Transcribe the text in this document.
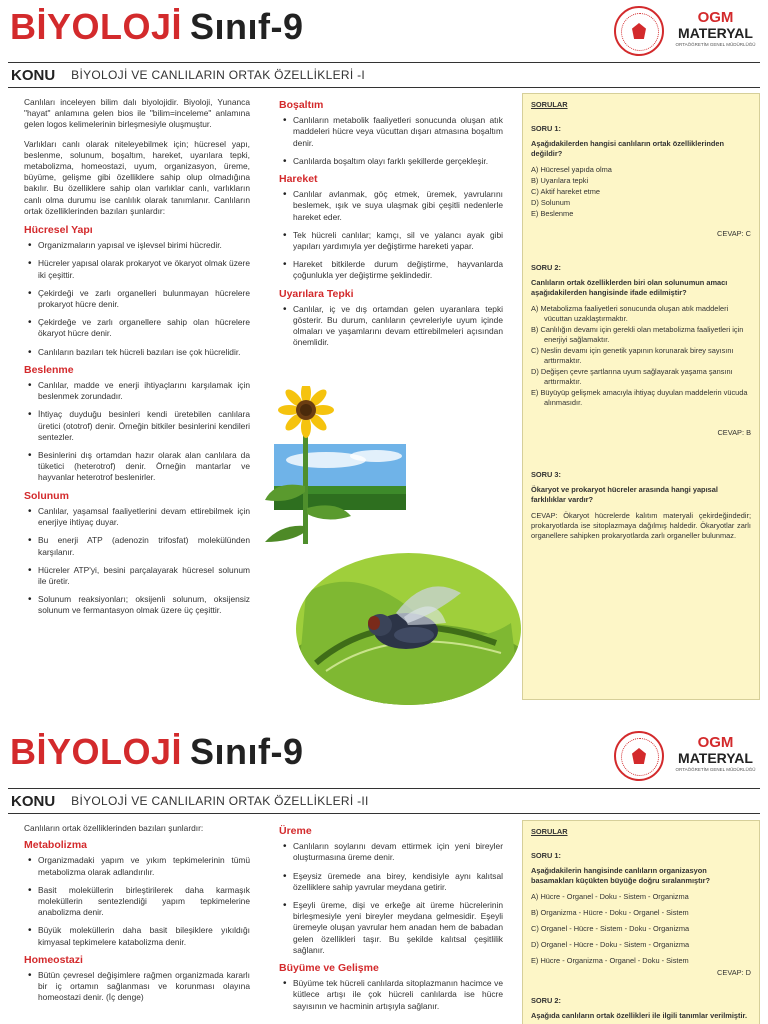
BİYOLOJİ Sınıf-9	OGM
MATERYAL
ORTAÖĞRETİM GENEL MÜDÜRLÜĞÜ
KONU BİYOLOJİ VE CANLILARIN ORTAK ÖZELLİKLERİ -I

Canlıları inceleyen bilim dalı biyolojidir. Biyoloji, Yunanca "hayat" anlamına gelen bios ile "bilim=inceleme" anlamına gelen logos kelimelerinin birleşmesiyle oluşmuştur.

Varlıkları canlı olarak niteleyebilmek için; hücresel yapı, beslenme, solunum, boşaltım, hareket, uyarılara tepki, metabolizma, homeostazi, uyum, organizasyon, üreme, büyüme, gelişme gibi özelliklere sahip olup olmadığına bakılır. Bu özelliklere sahip olan varlıklar canlı, varlıkların canlı olma durumu ise canlılık olarak tanımlanır. Canlıların ortak özelliklerinden bazıları şunlardır:

Hücresel Yapı
• Organizmaların yapısal ve işlevsel birimi hücredir.
• Hücreler yapısal olarak prokaryot ve ökaryot olmak üzere iki çeşittir.
• Çekirdeği ve zarlı organelleri bulunmayan hücrelere prokaryot hücre denir.
• Çekirdeğe ve zarlı organellere sahip olan hücrelere ökaryot hücre denir.
• Canlıların bazıları tek hücreli bazıları ise çok hücrelidir.
Beslenme
• Canlılar, madde ve enerji ihtiyaçlarını karşılamak için beslenmek zorundadır.
• İhtiyaç duyduğu besinleri kendi üretebilen canlılara üretici (ototrof) denir. Örneğin bitkiler besinlerini kendileri sentezler.
• Besinlerini dış ortamdan hazır olarak alan canlılara da tüketici (heterotrof) denir. Örneğin mantarlar ve hayvanlar heterotrof beslenirler.
Solunum
• Canlılar, yaşamsal faaliyetlerini devam ettirebilmek için enerjiye ihtiyaç duyar.
• Bu enerji ATP (adenozin trifosfat) molekülünden karşılanır.
• Hücreler ATP'yi, besini parçalayarak hücresel solunum ile üretir.
• Solunum reaksiyonları; oksijenli solunum, oksijensiz solunum ve fermantasyon olmak üzere üç çeşittir.
Boşaltım
• Canlıların metabolik faaliyetleri sonucunda oluşan atık maddeleri hücre veya vücuttan dışarı atmasına boşaltım denir.
• Canlılarda boşaltım olayı farklı şekillerde gerçekleşir.
Hareket
• Canlılar avlanmak, göç etmek, üremek, yavrularını beslemek, ışık ve suya ulaşmak gibi çeşitli nedenlerle hareket eder.
• Tek hücreli canlılar; kamçı, sil ve yalancı ayak gibi yapıları yardımıyla yer değiştirme hareketi yapar.
• Hareket bitkilerde durum değiştirme, hayvanlarda çoğunlukla yer değiştirme şeklindedir.
Uyarılara Tepki
• Canlılar, iç ve dış ortamdan gelen uyaranlara tepki gösterir. Bu durum, canlıların çevreleriyle uyum içinde olmaları ve yaşamlarını devam ettirebilmeleri açısından önemlidir.
SORULAR
SORU 1:
Aşağıdakilerden hangisi canlıların ortak özelliklerinden değildir?
A) Hücresel yapıda olma
B) Uyarılara tepki
C) Aktif hareket etme
D) Solunum
E) Beslenme
CEVAP: C
SORU 2:
Canlıların ortak özelliklerden biri olan solunumun amacı aşağıdakilerden hangisinde ifade edilmiştir?
A) Metabolizma faaliyetleri sonucunda oluşan atık maddeleri vücuttan uzaklaştırmaktır.
B) Canlılığın devamı için gerekli olan metabolizma faaliyetleri için enerjiyi sağlamaktır.
C) Neslin devamı için genetik yapının korunarak birey sayısını arttırmaktır.
D) Değişen çevre şartlarına uyum sağlayarak yaşama şansını arttırmaktır.
E) Büyüyüp gelişmek amacıyla ihtiyaç duyulan maddelerin vücuda alınmasıdır.
CEVAP: B
SORU 3:
Ökaryot ve prokaryot hücreler arasında hangi yapısal farklılıklar vardır?
CEVAP: Ökaryot hücrelerde kalıtım materyali çekirdeğindedir; prokaryotlarda ise sitoplazmaya dağılmış haldedir. Ökaryotlar zarlı organellere sahipken prokaryotlarda zarlı organeller bulunmaz.
BİYOLOJİ Sınıf-9	OGM
MATERYAL
ORTAÖĞRETİM GENEL MÜDÜRLÜĞÜ
KONU BİYOLOJİ VE CANLILARIN ORTAK ÖZELLİKLERİ -II

Canlıların ortak özelliklerinden bazıları şunlardır:

Metabolizma
• Organizmadaki yapım ve yıkım tepkimelerinin tümü metabolizma olarak adlandırılır.
• Basit moleküllerin birleştirilerek daha karmaşık moleküllerin sentezlendiği yapım tepkimelerine anabolizma denir.
• Büyük moleküllerin daha basit bileşiklere yıkıldığı kimyasal tepkimelere katabolizma denir.
Homeostazi
• Bütün çevresel değişimlere rağmen organizmada kararlı bir iç ortamın sağlanması ve korunması olayına homeostazi denir. (İç denge)
Üreme
• Canlıların soylarını devam ettirmek için yeni bireyler oluşturmasına üreme denir.
• Eşeysiz üremede ana birey, kendisiyle aynı kalıtsal özelliklere sahip yavrular meydana getirir.
• Eşeyli üreme, dişi ve erkeğe ait üreme hücrelerinin birleşmesiyle yeni bireyler meydana gelmesidir. Eşeyli üremeyle oluşan yavrular hem anadan hem de babadan gelen özellikleri taşır. Bu şekilde kalıtsal çeşitlilik sağlanır.
Büyüme ve Gelişme
• Büyüme tek hücreli canlılarda sitoplazmanın hacimce ve kütlece artışı ile çok hücreli canlılarda ise hücre sayısının ve hacminin artışıyla sağlanır.
SORULAR
SORU 1:
Aşağıdakilerin hangisinde canlıların organizasyon basamakları küçükten büyüğe doğru sıralanmıştır?
A) Hücre - Organel - Doku - Sistem - Organizma
B) Organizma - Hücre - Doku - Organel - Sistem
C) Organel - Hücre - Sistem - Doku - Organizma
D) Organel - Hücre - Doku - Sistem - Organizma
E) Hücre - Organizma - Organel - Doku - Sistem
CEVAP: D
SORU 2:
Aşağıda canlıların ortak özellikleri ile ilgili tanımlar verilmiştir.
